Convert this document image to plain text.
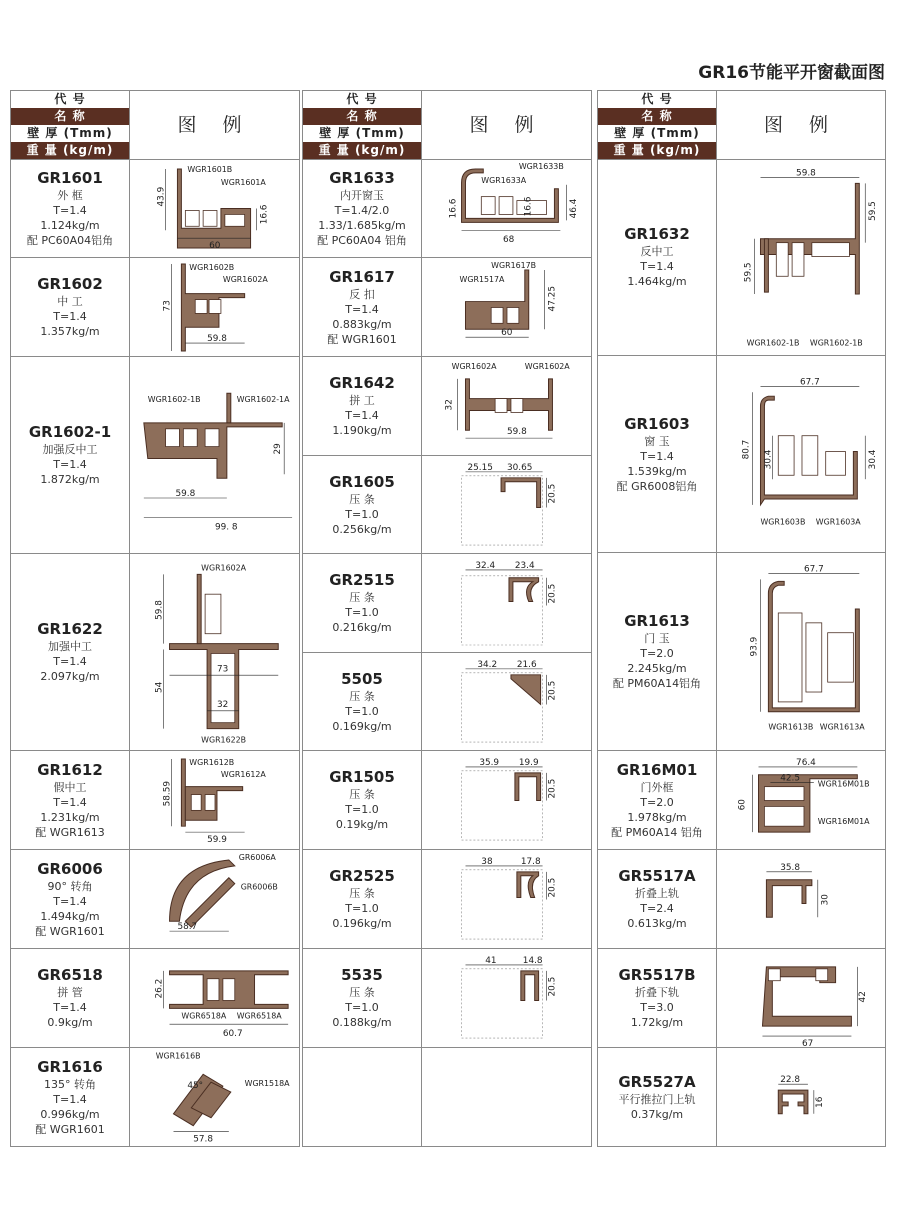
GR16节能平开窗截面图
代 号
名 称
壁 厚 (Tmm)
重 量 (kg/m)
图 例
GR1601
外 框
T=1.4
1.124kg/m
配 PC60A04铝角
WGR1601B
WGR1601A
43.9
16.6
60
GR1602
中 工
T=1.4
1.357kg/m
WGR1602B
WGR1602A
73
59.8
GR1602-1
加强反中工
T=1.4
1.872kg/m
WGR1602-1B	WGR1602-1A
29
59.8
99. 8
GR1622
加强中工
T=1.4
2.097kg/m
WGR1602A
WGR1622B
59.8
54
73
32
GR1612
假中工
T=1.4
1.231kg/m
配 WGR1613
WGR1612B
WGR1612A
58.59
59.9
GR6006
90° 转角
T=1.4
1.494kg/m
配 WGR1601
GR6006A
GR6006B
58.7
GR6518
拼 管
T=1.4
0.9kg/m
WGR6518A WGR6518A
26.2
60.7
GR1616
135° 转角
T=1.4
0.996kg/m
配 WGR1601
WGR1616B
WGR1518A
45°
57.8
代 号
名 称
壁 厚 (Tmm)
重 量 (kg/m)
图 例
GR1633
内开窗玉
T=1.4/2.0
1.33/1.685kg/m
配 PC60A04 铝角
WGR1633B
WGR1633A
16.6	16.6	46.4
68
GR1617
反 扣
T=1.4
0.883kg/m
配 WGR1601
WGR1617B
WGR1517A
47.25
60
GR1642
拼 工
T=1.4
1.190kg/m
WGR1602A	WGR1602A
32
59.8
GR1605
压 条
T=1.0
0.256kg/m
25.15 30.65
20.5
GR2515
压 条
T=1.0
0.216kg/m
32.4 23.4
20.5
5505
压 条
T=1.0
0.169kg/m
34.2 21.6
20.5
GR1505
压 条
T=1.0
0.19kg/m
35.9 19.9
20.5
GR2525
压 条
T=1.0
0.196kg/m
38	17.8
20.5
5535
压 条
T=1.0
0.188kg/m
41	14.8
20.5
代 号
名 称
壁 厚 (Tmm)
重 量 (kg/m)
图 例
GR1632
反中工
T=1.4
1.464kg/m
59.8
59.5
59.5
WGR1602-1B WGR1602-1B
GR1603
窗 玉
T=1.4
1.539kg/m
配 GR6008铝角
67.7
80.7 30.4	30.4
WGR1603B WGR1603A
GR1613
门 玉
T=2.0
2.245kg/m
配 PM60A14铝角
67.7
93.9
WGR1613B WGR1613A
GR16M01
门外框
T=2.0
1.978kg/m
配 PM60A14 铝角
76.4
42.5
60
WGR16M01B
WGR16M01A
GR5517A
折叠上轨
T=2.4
0.613kg/m
35.8
30
GR5517B
折叠下轨
T=3.0
1.72kg/m
42
67
GR5527A
平行推拉门上轨
0.37kg/m
22.8
16
